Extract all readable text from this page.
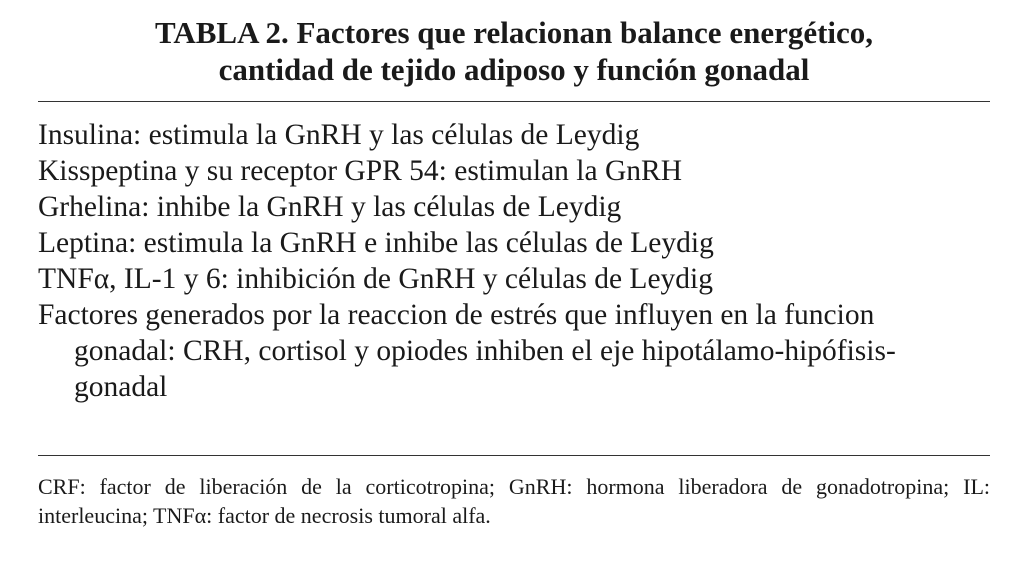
TABLA 2. Factores que relacionan balance energético,
cantidad de tejido adiposo y función gonadal
Insulina: estimula la GnRH y las células de Leydig
Kisspeptina y su receptor GPR 54: estimulan la GnRH
Grhelina: inhibe la GnRH y las células de Leydig
Leptina: estimula la GnRH e inhibe las células de Leydig
TNFα, IL-1 y 6: inhibición de GnRH y células de Leydig
Factores generados por la reaccion de estrés que influyen en la funcion gonadal: CRH, cortisol y opiodes inhiben el eje hipotálamo-hipófisis-gonadal

CRF: factor de liberación de la corticotropina; GnRH: hormona liberadora de gonadotropina; IL: interleucina; TNFα: factor de necrosis tumoral alfa.
